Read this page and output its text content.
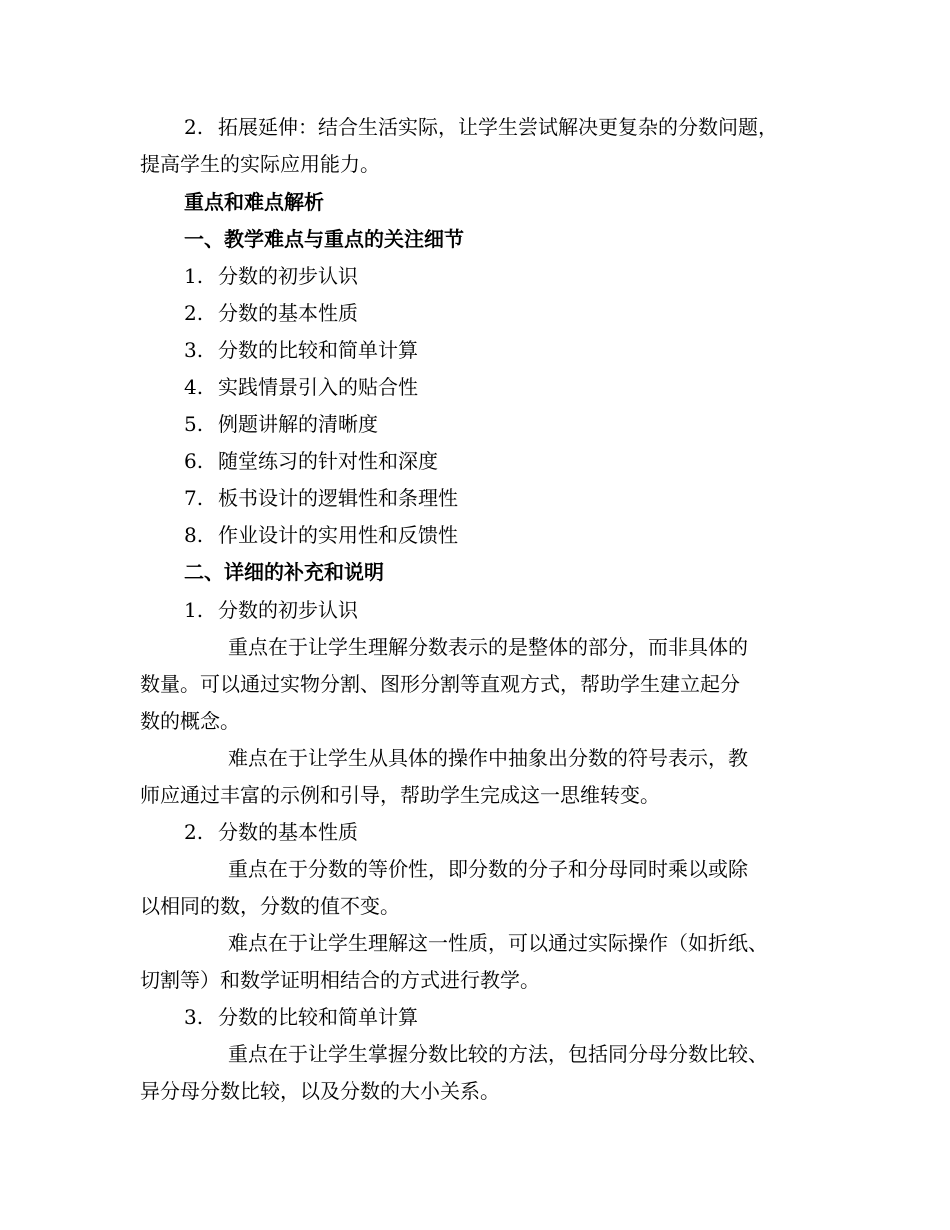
2. 拓展延伸：结合生活实际，让学生尝试解决更复杂的分数问题，
提高学生的实际应用能力。
重点和难点解析
一、教学难点与重点的关注细节
1. 分数的初步认识
2. 分数的基本性质
3. 分数的比较和简单计算
4. 实践情景引入的贴合性
5. 例题讲解的清晰度
6. 随堂练习的针对性和深度
7. 板书设计的逻辑性和条理性
8. 作业设计的实用性和反馈性
二、详细的补充和说明
1. 分数的初步认识
重点在于让学生理解分数表示的是整体的部分，而非具体的
数量。可以通过实物分割、图形分割等直观方式，帮助学生建立起分
数的概念。
难点在于让学生从具体的操作中抽象出分数的符号表示，教
师应通过丰富的示例和引导，帮助学生完成这一思维转变。
2. 分数的基本性质
重点在于分数的等价性，即分数的分子和分母同时乘以或除
以相同的数，分数的值不变。
难点在于让学生理解这一性质，可以通过实际操作（如折纸、
切割等）和数学证明相结合的方式进行教学。
3. 分数的比较和简单计算
重点在于让学生掌握分数比较的方法，包括同分母分数比较、
异分母分数比较，以及分数的大小关系。
